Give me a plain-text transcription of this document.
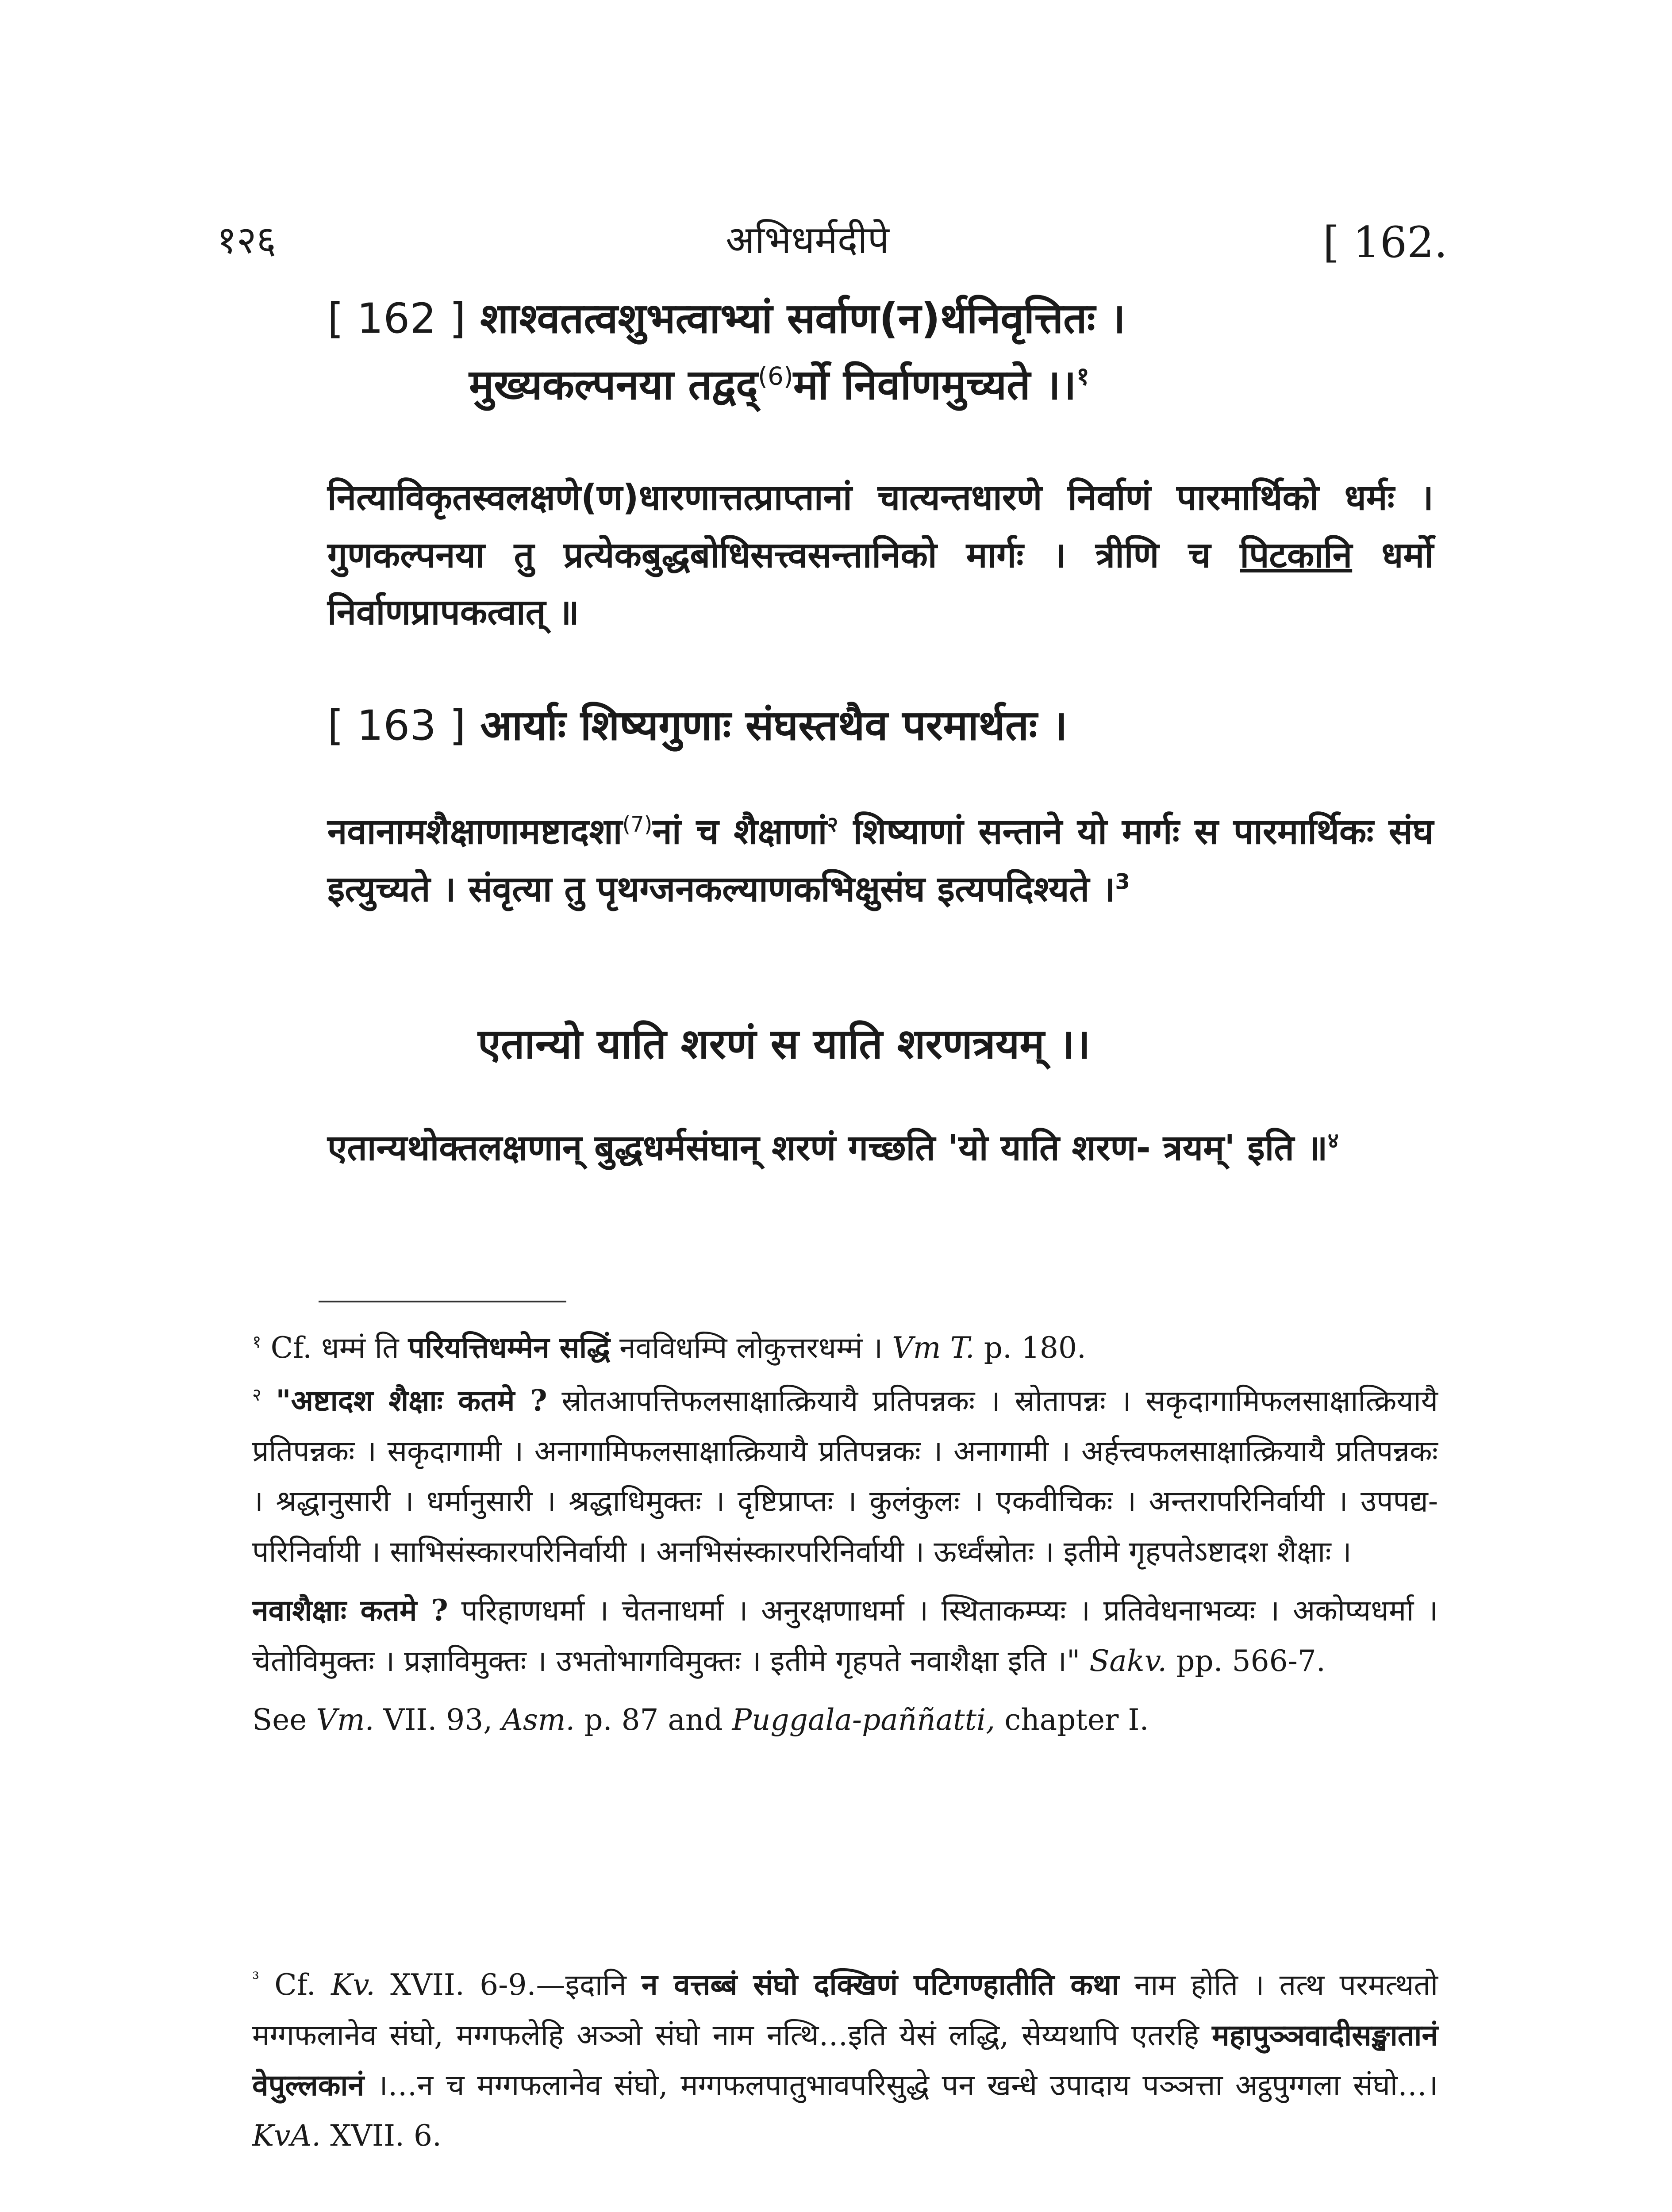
१२६	अभिधर्मदीपे	[ 162.
[ 162 ] शाश्वतत्वशुभत्वाभ्यां सर्वाण(न)र्थनिवृत्तितः ।
मुख्यकल्पनया तद्वद्$^{(6)}$र्मो निर्वाणमुच्यते ।।$^१$
नित्याविकृतस्वलक्षणे(ण)धारणात्तत्प्राप्तानां चात्यन्तधारणे निर्वाणं पारमार्थिको धर्मः । गुणकल्पनया तु प्रत्येकबुद्धबोधिसत्त्वसन्तानिको मार्गः । त्रीणि च पिटकानि धर्मो निर्वाणप्रापकत्वात् ॥
[ 163 ] आर्याः शिष्यगुणाः संघस्तथैव परमार्थतः ।
नवानामशैक्षाणामष्टादशा$^{(7)}$नां च शैक्षाणां$^२$ शिष्याणां सन्ताने यो मार्गः स पारमार्थिकः संघ इत्युच्यते । संवृत्या तु पृथग्जनकल्याणकभिक्षुसंघ इत्यपदिश्यते ।$^3$
एतान्यो याति शरणं स याति शरणत्रयम् ।।
एतान्यथोक्तलक्षणान् बुद्धधर्मसंघान् शरणं गच्छति 'यो याति शरण- त्रयम्' इति ॥$^४$
$^१$ Cf. धम्मं ति परियत्तिधम्मेन सद्धिं नवविधम्पि लोकुत्तरधम्मं । Vm T. p. 180.
$^२$ "अष्टादश शैक्षाः कतमे ? स्रोतआपत्तिफलसाक्षात्क्रियायै प्रतिपन्नकः । स्रोतापन्नः । सकृदागामिफलसाक्षात्क्रियायै प्रतिपन्नकः । सकृदागामी । अनागामिफलसाक्षात्क्रियायै प्रतिपन्नकः । अनागामी । अर्हत्त्वफलसाक्षात्क्रियायै प्रतिपन्नकः । श्रद्धानुसारी । धर्मानुसारी । श्रद्धाधिमुक्तः । दृष्टिप्राप्तः । कुलंकुलः । एकवीचिकः । अन्तरापरिनिर्वायी । उपपद्य-परिनिर्वायी । साभिसंस्कारपरिनिर्वायी । अनभिसंस्कारपरिनिर्वायी । ऊर्ध्वंस्रोतः । इतीमे गृहपतेऽष्टादश शैक्षाः ।
नवाशैक्षाः कतमे ? परिहाणधर्मा । चेतनाधर्मा । अनुरक्षणाधर्मा । स्थिताकम्प्यः । प्रतिवेधनाभव्यः । अकोप्यधर्मा । चेतोविमुक्तः । प्रज्ञाविमुक्तः । उभतोभागविमुक्तः । इतीमे गृहपते नवाशैक्षा इति ।" Sakv. pp. 566-7.
See Vm. VII. 93, Asm. p. 87 and Puggala-paññatti, chapter I.
$^{^3}$ Cf. Kv. XVII. 6-9.—इदानि न वत्तब्बं संघो दक्खिणं पटिगण्हातीति कथा नाम होति । तत्थ परमत्थतो मग्गफलानेव संघो, मग्गफलेहि अञ्ञो संघो नाम नत्थि…इति येसं लद्धि, सेय्यथापि एतरहि महापुञ्ञवादीसङ्खातानं वेपुल्लकानं ।…न च मग्गफलानेव संघो, मग्गफलपातुभावपरिसुद्धे पन खन्धे उपादाय पञ्ञत्ता अट्ठपुग्गला संघो…। KvA. XVII. 6.
